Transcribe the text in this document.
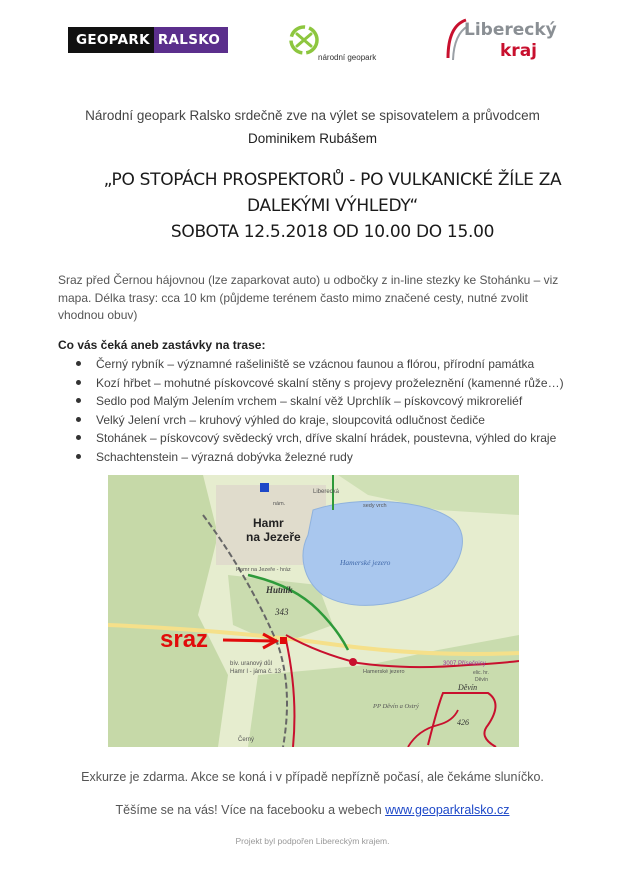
GEOPARK RALSKO
národní geopark
Liberecký
kraj
Národní geopark Ralsko srdečně zve na výlet se spisovatelem a průvodcem
Dominikem Rubášem
„PO STOPÁCH PROSPEKTORŮ - PO VULKANICKÉ ŽÍLE ZA
DALEKÝMI VÝHLEDY“
SOBOTA 12.5.2018 OD 10.00 DO 15.00
Sraz před Černou hájovnou (lze zaparkovat auto) u odbočky z in-line stezky ke Stohánku – viz mapa. Délka trasy: cca 10 km (půjdeme terénem často mimo značené cesty, nutné zvolit vhodnou obuv)
Co vás čeká aneb zastávky na trase:
Černý rybník – významné rašeliniště se vzácnou faunou a flórou, přírodní památka
Kozí hřbet – mohutné pískovcové skalní stěny s projevy proželeznění (kamenné růže…)
Sedlo pod Malým Jelením vrchem – skalní věž Uprchlík – pískovcový mikroreliéf
Velký Jelení vrch – kruhový výhled do kraje, sloupcovitá odlučnost čediče
Stohánek – pískovcový svědecký vrch, dříve skalní hrádek, poustevna, výhled do kraje
Schachtenstein – výrazná dobývka železné rudy
Hamr
na Jezeře
Hamerské jezero
Hutník
343
sraz
bív. uranový důl
Hamr I - jáma č. 13
Děvín
426
PP Děvín a Ostrý
Liberecká
Černý
Hamr na Jezeře - hráz
Hamerské jezero
3007 Přísečnicy
sedy vrch
nám.
elic. hr.
Děvín
Exkurze je zdarma. Akce se koná i v případě nepřízně počasí, ale čekáme sluníčko.
Těšíme se na vás! Více na facebooku a webech www.geoparkralsko.cz
Projekt byl podpořen Libereckým krajem.
